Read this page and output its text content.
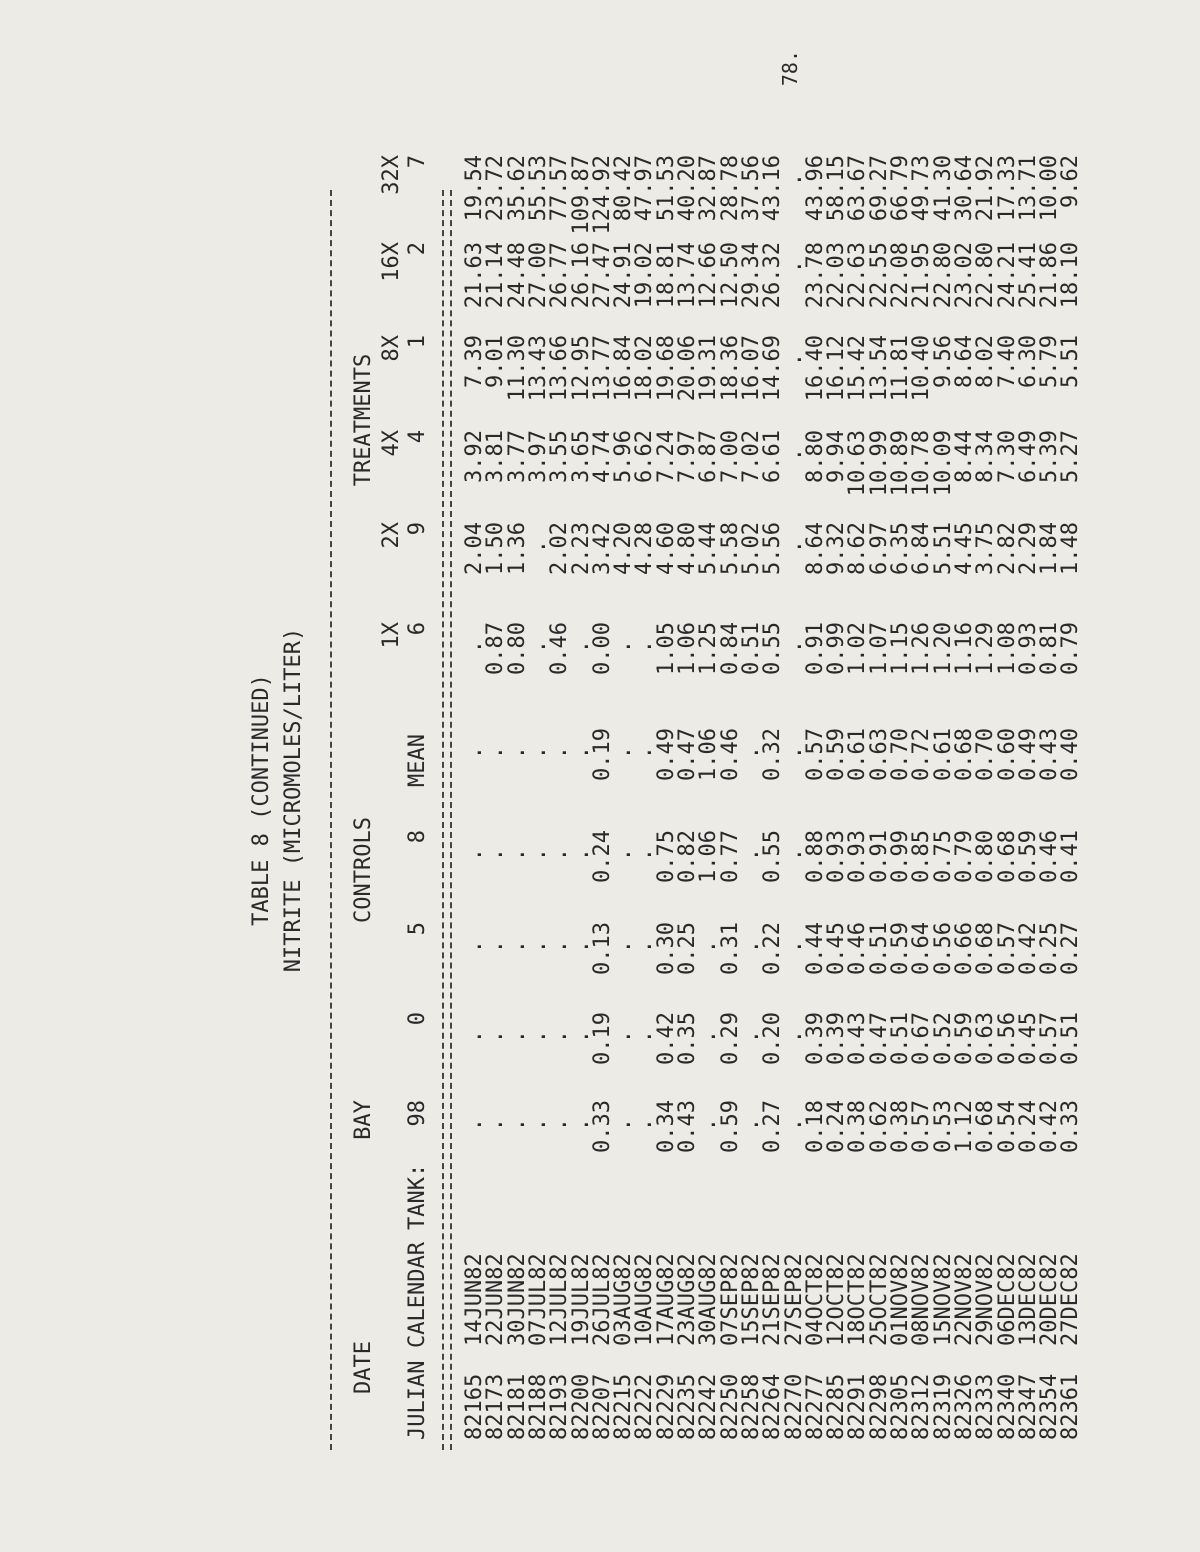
78.
TABLE 8 (CONTINUED) NITRITE (MICROMOLES/LITER)
DATE
BAY
CONTROLS
TREATMENTS
1X
2X
4X
8X
16X
32X
JULIAN
CALENDAR
TANK:
98
0
5
8
MEAN
6
9
4
1
2
7
82165
14JUN82
.
.
.
.
.
.
2.04
3.92
7.39
21.63
19.54
82173
22JUN82
.
.
.
.
.
0.87
1.50
3.81
9.01
21.14
23.72
82181
30JUN82
.
.
.
.
.
0.80
1.36
3.77
11.30
24.48
35.62
82188
07JUL82
.
.
.
.
.
.
.
3.97
13.43
27.00
55.53
82193
12JUL82
.
.
.
.
.
0.46
2.02
3.55
13.66
26.77
77.57
82200
19JUL82
.
.
.
.
.
.
2.23
3.65
12.95
26.16
109.87
82207
26JUL82
0.33
0.19
0.13
0.24
0.19
0.00
3.42
4.74
13.77
27.47
124.92
82215
03AUG82
.
.
.
.
.
.
4.20
5.96
16.84
24.91
80.42
82222
10AUG82
.
.
.
.
.
.
4.28
6.62
18.02
19.02
47.97
82229
17AUG82
0.34
0.42
0.30
0.75
0.49
1.05
4.60
7.24
19.68
18.81
51.53
82235
23AUG82
0.43
0.35
0.25
0.82
0.47
1.06
4.80
7.97
20.06
13.74
40.20
82242
30AUG82
.
.
.
1.06
1.06
1.25
5.44
6.87
19.31
12.66
32.87
82250
07SEP82
0.59
0.29
0.31
0.77
0.46
0.84
5.58
7.00
18.36
12.50
28.78
82258
15SEP82
.
.
.
.
.
0.51
5.02
7.02
16.07
29.34
37.56
82264
21SEP82
0.27
0.20
0.22
0.55
0.32
0.55
5.56
6.61
14.69
26.32
43.16
82270
27SEP82
.
.
.
.
.
.
.
.
.
.
.
82277
04OCT82
0.18
0.39
0.44
0.88
0.57
0.91
8.64
8.80
16.40
23.78
43.96
82285
12OCT82
0.24
0.39
0.45
0.93
0.59
0.99
9.32
9.94
16.12
22.03
58.15
82291
18OCT82
0.38
0.43
0.46
0.93
0.61
1.02
8.62
10.63
15.42
22.63
63.67
82298
25OCT82
0.62
0.47
0.51
0.91
0.63
1.07
6.97
10.99
13.54
22.55
69.27
82305
01NOV82
0.38
0.51
0.59
0.99
0.70
1.15
6.35
10.89
11.81
22.08
66.79
82312
08NOV82
0.57
0.67
0.64
0.85
0.72
1.26
6.84
10.78
10.40
21.95
49.73
82319
15NOV82
0.53
0.52
0.56
0.75
0.61
1.20
5.51
10.09
9.56
22.80
41.30
82326
22NOV82
1.12
0.59
0.66
0.79
0.68
1.16
4.45
8.44
8.64
23.02
30.64
82333
29NOV82
0.68
0.63
0.68
0.80
0.70
1.29
3.75
8.34
8.02
22.80
21.92
82340
06DEC82
0.54
0.56
0.57
0.68
0.60
1.08
2.82
7.30
7.40
24.21
17.33
82347
13DEC82
0.24
0.45
0.42
0.59
0.49
0.93
2.29
6.49
6.30
25.41
13.71
82354
20DEC82
0.42
0.57
0.25
0.46
0.43
0.81
1.84
5.39
5.79
21.86
10.00
82361
27DEC82
0.33
0.51
0.27
0.41
0.40
0.79
1.48
5.27
5.51
18.10
9.62
